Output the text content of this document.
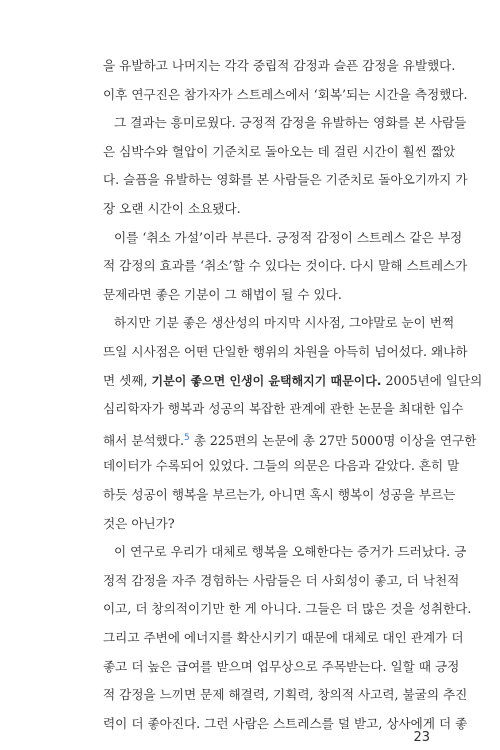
을 유발하고 나머지는 각각 중립적 감정과 슬픈 감정을 유발했다.
이후 연구진은 참가자가 스트레스에서 ‘회복’되는 시간을 측정했다.
그 결과는 흥미로웠다. 긍정적 감정을 유발하는 영화를 본 사람들
은 심박수와 혈압이 기준치로 돌아오는 데 걸린 시간이 훨씬 짧았
다. 슬픔을 유발하는 영화를 본 사람들은 기준치로 돌아오기까지 가
장 오랜 시간이 소요됐다.
이를 ‘취소 가설’이라 부른다. 긍정적 감정이 스트레스 같은 부정
적 감정의 효과를 ‘취소’할 수 있다는 것이다. 다시 말해 스트레스가
문제라면 좋은 기분이 그 해법이 될 수 있다.
하지만 기분 좋은 생산성의 마지막 시사점, 그야말로 눈이 번쩍
뜨일 시사점은 어떤 단일한 행위의 차원을 아득히 넘어섰다. 왜냐하
면 셋째, 기분이 좋으면 인생이 윤택해지기 때문이다. 2005년에 일단의
심리학자가 행복과 성공의 복잡한 관계에 관한 논문을 최대한 입수
해서 분석했다.$^5$ 총 225편의 논문에 총 27만 5000명 이상을 연구한
데이터가 수록되어 있었다. 그들의 의문은 다음과 같았다. 흔히 말
하듯 성공이 행복을 부르는가, 아니면 혹시 행복이 성공을 부르는
것은 아닌가?
이 연구로 우리가 대체로 행복을 오해한다는 증거가 드러났다. 긍
정적 감정을 자주 경험하는 사람들은 더 사회성이 좋고, 더 낙천적
이고, 더 창의적이기만 한 게 아니다. 그들은 더 많은 것을 성취한다.
그리고 주변에 에너지를 확산시키기 때문에 대체로 대인 관계가 더
좋고 더 높은 급여를 받으며 업무상으로 주목받는다. 일할 때 긍정
적 감정을 느끼면 문제 해결력, 기획력, 창의적 사고력, 불굴의 추진
력이 더 좋아진다. 그런 사람은 스트레스를 덜 받고, 상사에게 더 좋
23
